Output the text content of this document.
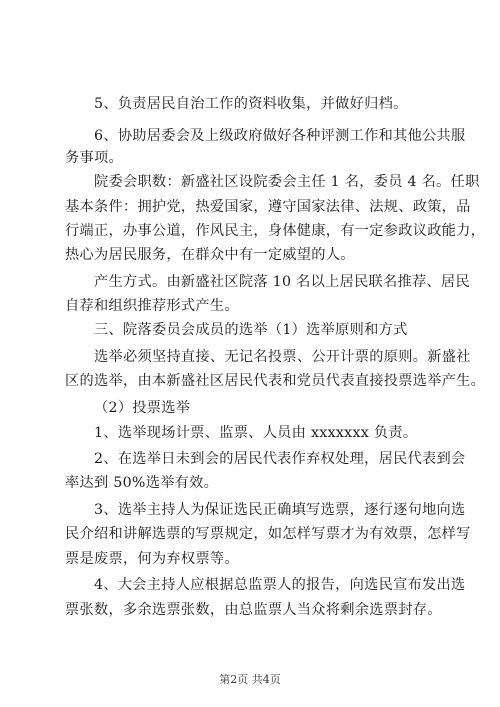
5、负责居民自治工作的资料收集，并做好归档。
6、协助居委会及上级政府做好各种评测工作和其他公共服
务事项。
院委会职数：新盛社区设院委会主任 1 名，委员 4 名。任职
基本条件：拥护党，热爱国家，遵守国家法律、法规、政策，品
行端正，办事公道，作风民主，身体健康，有一定参政议政能力，
热心为居民服务，在群众中有一定威望的人。
产生方式。由新盛社区院落 10 名以上居民联名推荐、居民
自荐和组织推荐形式产生。
三、院落委员会成员的选举（1）选举原则和方式
选举必须坚持直接、无记名投票、公开计票的原则。新盛社
区的选举，由本新盛社区居民代表和党员代表直接投票选举产生。
（2）投票选举
1、选举现场计票、监票、人员由 xxxxxxx 负责。
2、在选举日未到会的居民代表作弃权处理，居民代表到会
率达到 50%选举有效。
3、选举主持人为保证选民正确填写选票，逐行逐句地向选
民介绍和讲解选票的写票规定，如怎样写票才为有效票，怎样写
票是废票，何为弃权票等。
4、大会主持人应根据总监票人的报告，向选民宣布发出选
票张数，多余选票张数，由总监票人当众将剩余选票封存。
第2页 共4页
